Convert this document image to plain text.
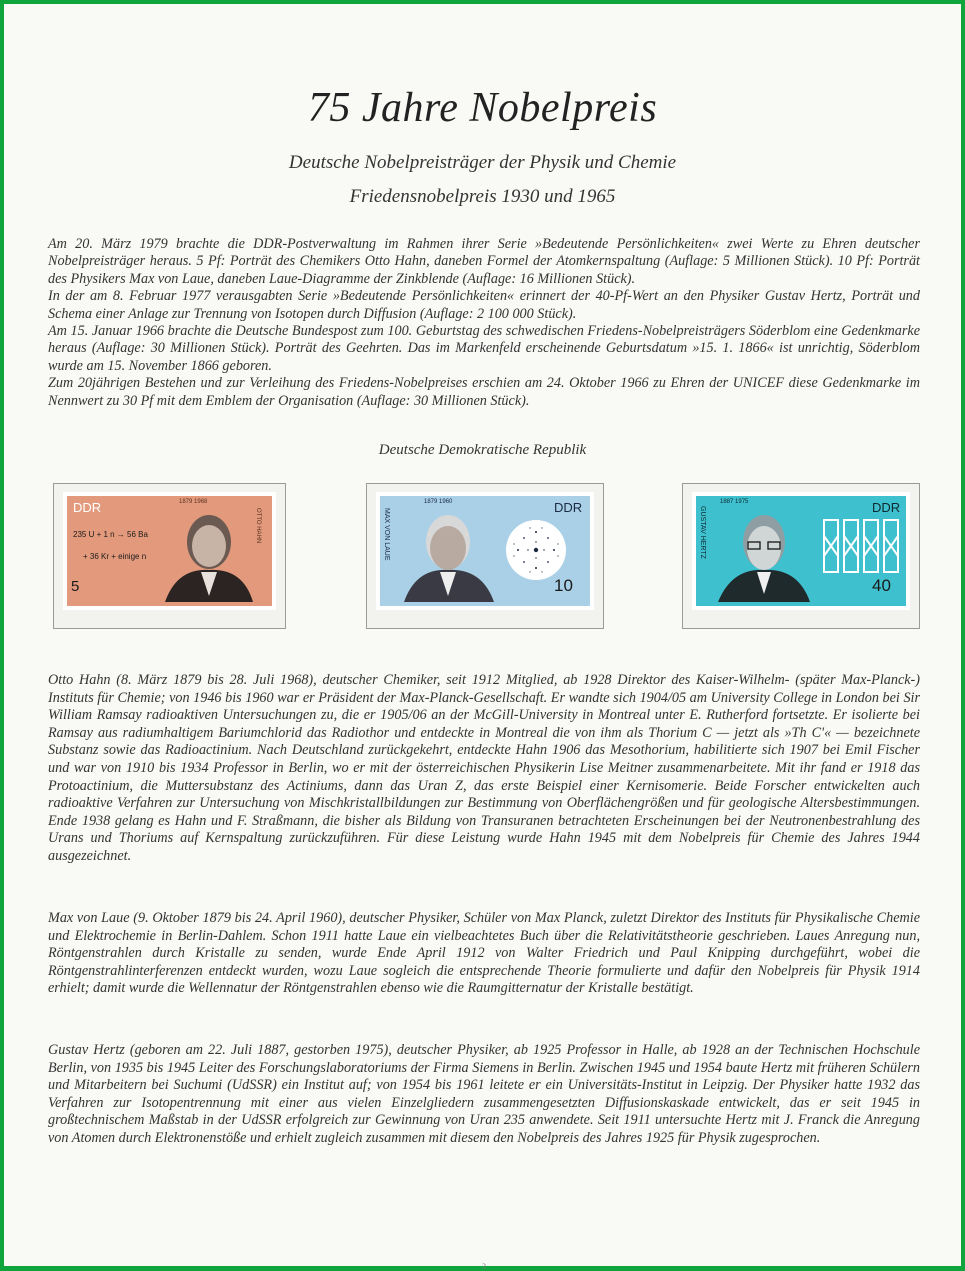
75 Jahre Nobelpreis
Deutsche Nobelpreisträger der Physik und Chemie
Friedensnobelpreis 1930 und 1965

Am 20. März 1979 brachte die DDR-Postverwaltung im Rahmen ihrer Serie »Bedeutende Persönlichkeiten« zwei Werte zu Ehren deutscher Nobelpreisträger heraus. 5 Pf: Porträt des Chemikers Otto Hahn, daneben Formel der Atomkernspaltung (Auflage: 5 Millionen Stück). 10 Pf: Porträt des Physikers Max von Laue, daneben Laue-Diagramme der Zinkblende (Auflage: 16 Millionen Stück).

In der am 8. Februar 1977 verausgabten Serie »Bedeutende Persönlichkeiten« erinnert der 40-Pf-Wert an den Physiker Gustav Hertz, Porträt und Schema einer Anlage zur Trennung von Isotopen durch Diffusion (Auflage: 2 100 000 Stück).

Am 15. Januar 1966 brachte die Deutsche Bundespost zum 100. Geburtstag des schwedischen Friedens-Nobelpreisträgers Söderblom eine Gedenkmarke heraus (Auflage: 30 Millionen Stück). Porträt des Geehrten. Das im Markenfeld erscheinende Geburtsdatum »15. 1. 1866« ist unrichtig, Söderblom wurde am 15. November 1866 geboren.

Zum 20jährigen Bestehen und zur Verleihung des Friedens-Nobelpreises erschien am 24. Oktober 1966 zu Ehren der UNICEF diese Gedenkmarke im Nennwert zu 30 Pf mit dem Emblem der Organisation (Auflage: 30 Millionen Stück).

Deutsche Demokratische Republik
DDR	1879 1968
235 U + 1 n → 56 Ba
+ 36 Kr + einige n
OTTO HAHN
5
DDR
1879 1960
MAX VON LAUE
10
DDR
1887 1975
GUSTAV HERTZ
40

Otto Hahn (8. März 1879 bis 28. Juli 1968), deutscher Chemiker, seit 1912 Mitglied, ab 1928 Direktor des Kaiser-Wilhelm- (später Max-Planck-) Instituts für Chemie; von 1946 bis 1960 war er Präsident der Max-Planck-Gesellschaft. Er wandte sich 1904/05 am University College in London bei Sir William Ramsay radioaktiven Untersuchungen zu, die er 1905/06 an der McGill-University in Montreal unter E. Rutherford fortsetzte. Er isolierte bei Ramsay aus radiumhaltigem Bariumchlorid das Radiothor und entdeckte in Montreal die von ihm als Thorium C — jetzt als »Th C'« — bezeichnete Substanz sowie das Radioactinium. Nach Deutschland zurückgekehrt, entdeckte Hahn 1906 das Mesothorium, habilitierte sich 1907 bei Emil Fischer und war von 1910 bis 1934 Professor in Berlin, wo er mit der österreichischen Physikerin Lise Meitner zusammenarbeitete. Mit ihr fand er 1918 das Protoactinium, die Muttersubstanz des Actiniums, dann das Uran Z, das erste Beispiel einer Kernisomerie. Beide Forscher entwickelten auch radioaktive Verfahren zur Untersuchung von Mischkristallbildungen zur Bestimmung von Oberflächengrößen und für geologische Altersbestimmungen. Ende 1938 gelang es Hahn und F. Straßmann, die bisher als Bildung von Transuranen betrachteten Erscheinungen bei der Neutronenbestrahlung des Urans und Thoriums auf Kernspaltung zurückzuführen. Für diese Leistung wurde Hahn 1945 mit dem Nobelpreis für Chemie des Jahres 1944 ausgezeichnet.

Max von Laue (9. Oktober 1879 bis 24. April 1960), deutscher Physiker, Schüler von Max Planck, zuletzt Direktor des Instituts für Physikalische Chemie und Elektrochemie in Berlin-Dahlem. Schon 1911 hatte Laue ein vielbeachtetes Buch über die Relativitätstheorie geschrieben. Laues Anregung nun, Röntgenstrahlen durch Kristalle zu senden, wurde Ende April 1912 von Walter Friedrich und Paul Knipping durchgeführt, wobei die Röntgenstrahlinterferenzen entdeckt wurden, wozu Laue sogleich die entsprechende Theorie formulierte und dafür den Nobelpreis für Physik 1914 erhielt; damit wurde die Wellennatur der Röntgenstrahlen ebenso wie die Raumgitternatur der Kristalle bestätigt.

Gustav Hertz (geboren am 22. Juli 1887, gestorben 1975), deutscher Physiker, ab 1925 Professor in Halle, ab 1928 an der Technischen Hochschule Berlin, von 1935 bis 1945 Leiter des Forschungslaboratoriums der Firma Siemens in Berlin. Zwischen 1945 und 1954 baute Hertz mit früheren Schülern und Mitarbeitern bei Suchumi (UdSSR) ein Institut auf; von 1954 bis 1961 leitete er ein Universitäts-Institut in Leipzig. Der Physiker hatte 1932 das Verfahren zur Isotopentrennung mit einer aus vielen Einzelgliedern zusammengesetzten Diffusionskaskade entwickelt, das er seit 1945 in großtechnischem Maßstab in der UdSSR erfolgreich zur Gewinnung von Uran 235 anwendete. Seit 1911 untersuchte Hertz mit J. Franck die Anregung von Atomen durch Elektronenstöße und erhielt zugleich zusammen mit diesem den Nobelpreis des Jahres 1925 für Physik zugesprochen.

3
